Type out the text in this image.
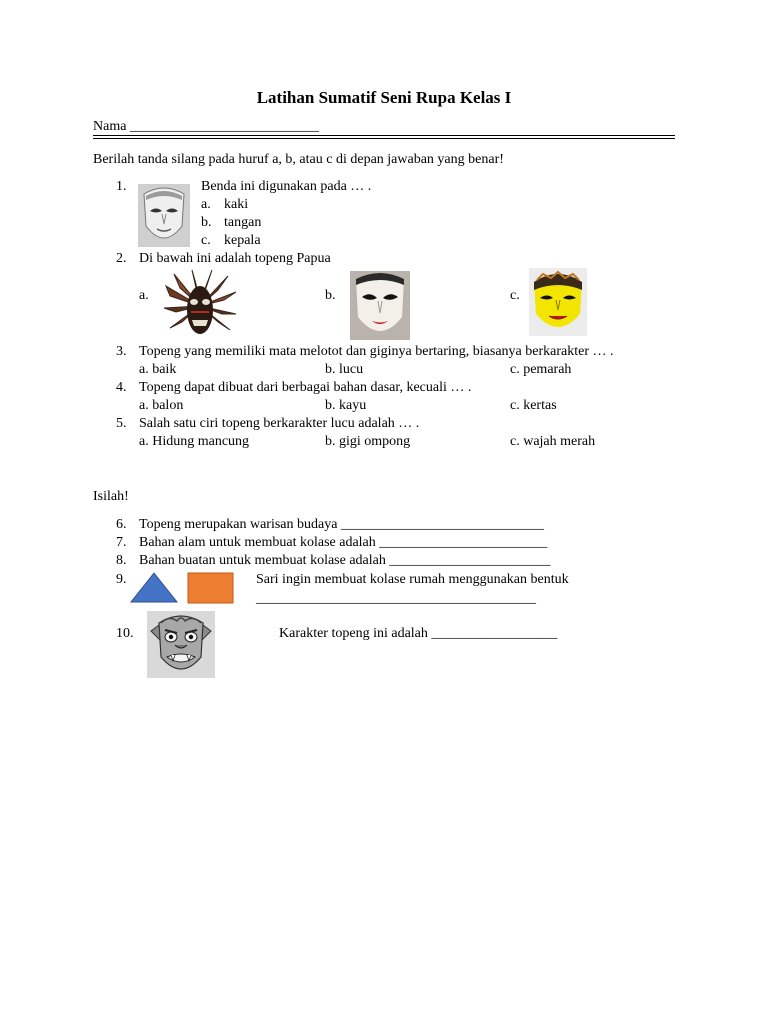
Latihan Sumatif Seni Rupa Kelas I
Nama ___________________________
Berilah tanda silang pada huruf a, b, atau c di depan jawaban yang benar!
1.	Benda ini digunakan pada … .
a. kaki
b. tangan
c. kepala
2. Di bawah ini adalah topeng Papua
a.	b.	c.
3. Topeng yang memiliki mata melotot dan giginya bertaring, biasanya berkarakter … .
a. baik	b. lucu	c. pemarah
4. Topeng dapat dibuat dari berbagai bahan dasar, kecuali … .
a. balon	b. kayu	c. kertas
5. Salah satu ciri topeng berkarakter lucu adalah … .
a. Hidung mancung	b. gigi ompong	c. wajah merah
Isilah!
6. Topeng merupakan warisan budaya _____________________________
7. Bahan alam untuk membuat kolase adalah ________________________
8. Bahan buatan untuk membuat kolase adalah _______________________
9.	Sari ingin membuat kolase rumah menggunakan bentuk
________________________________________
10.	Karakter topeng ini adalah __________________
